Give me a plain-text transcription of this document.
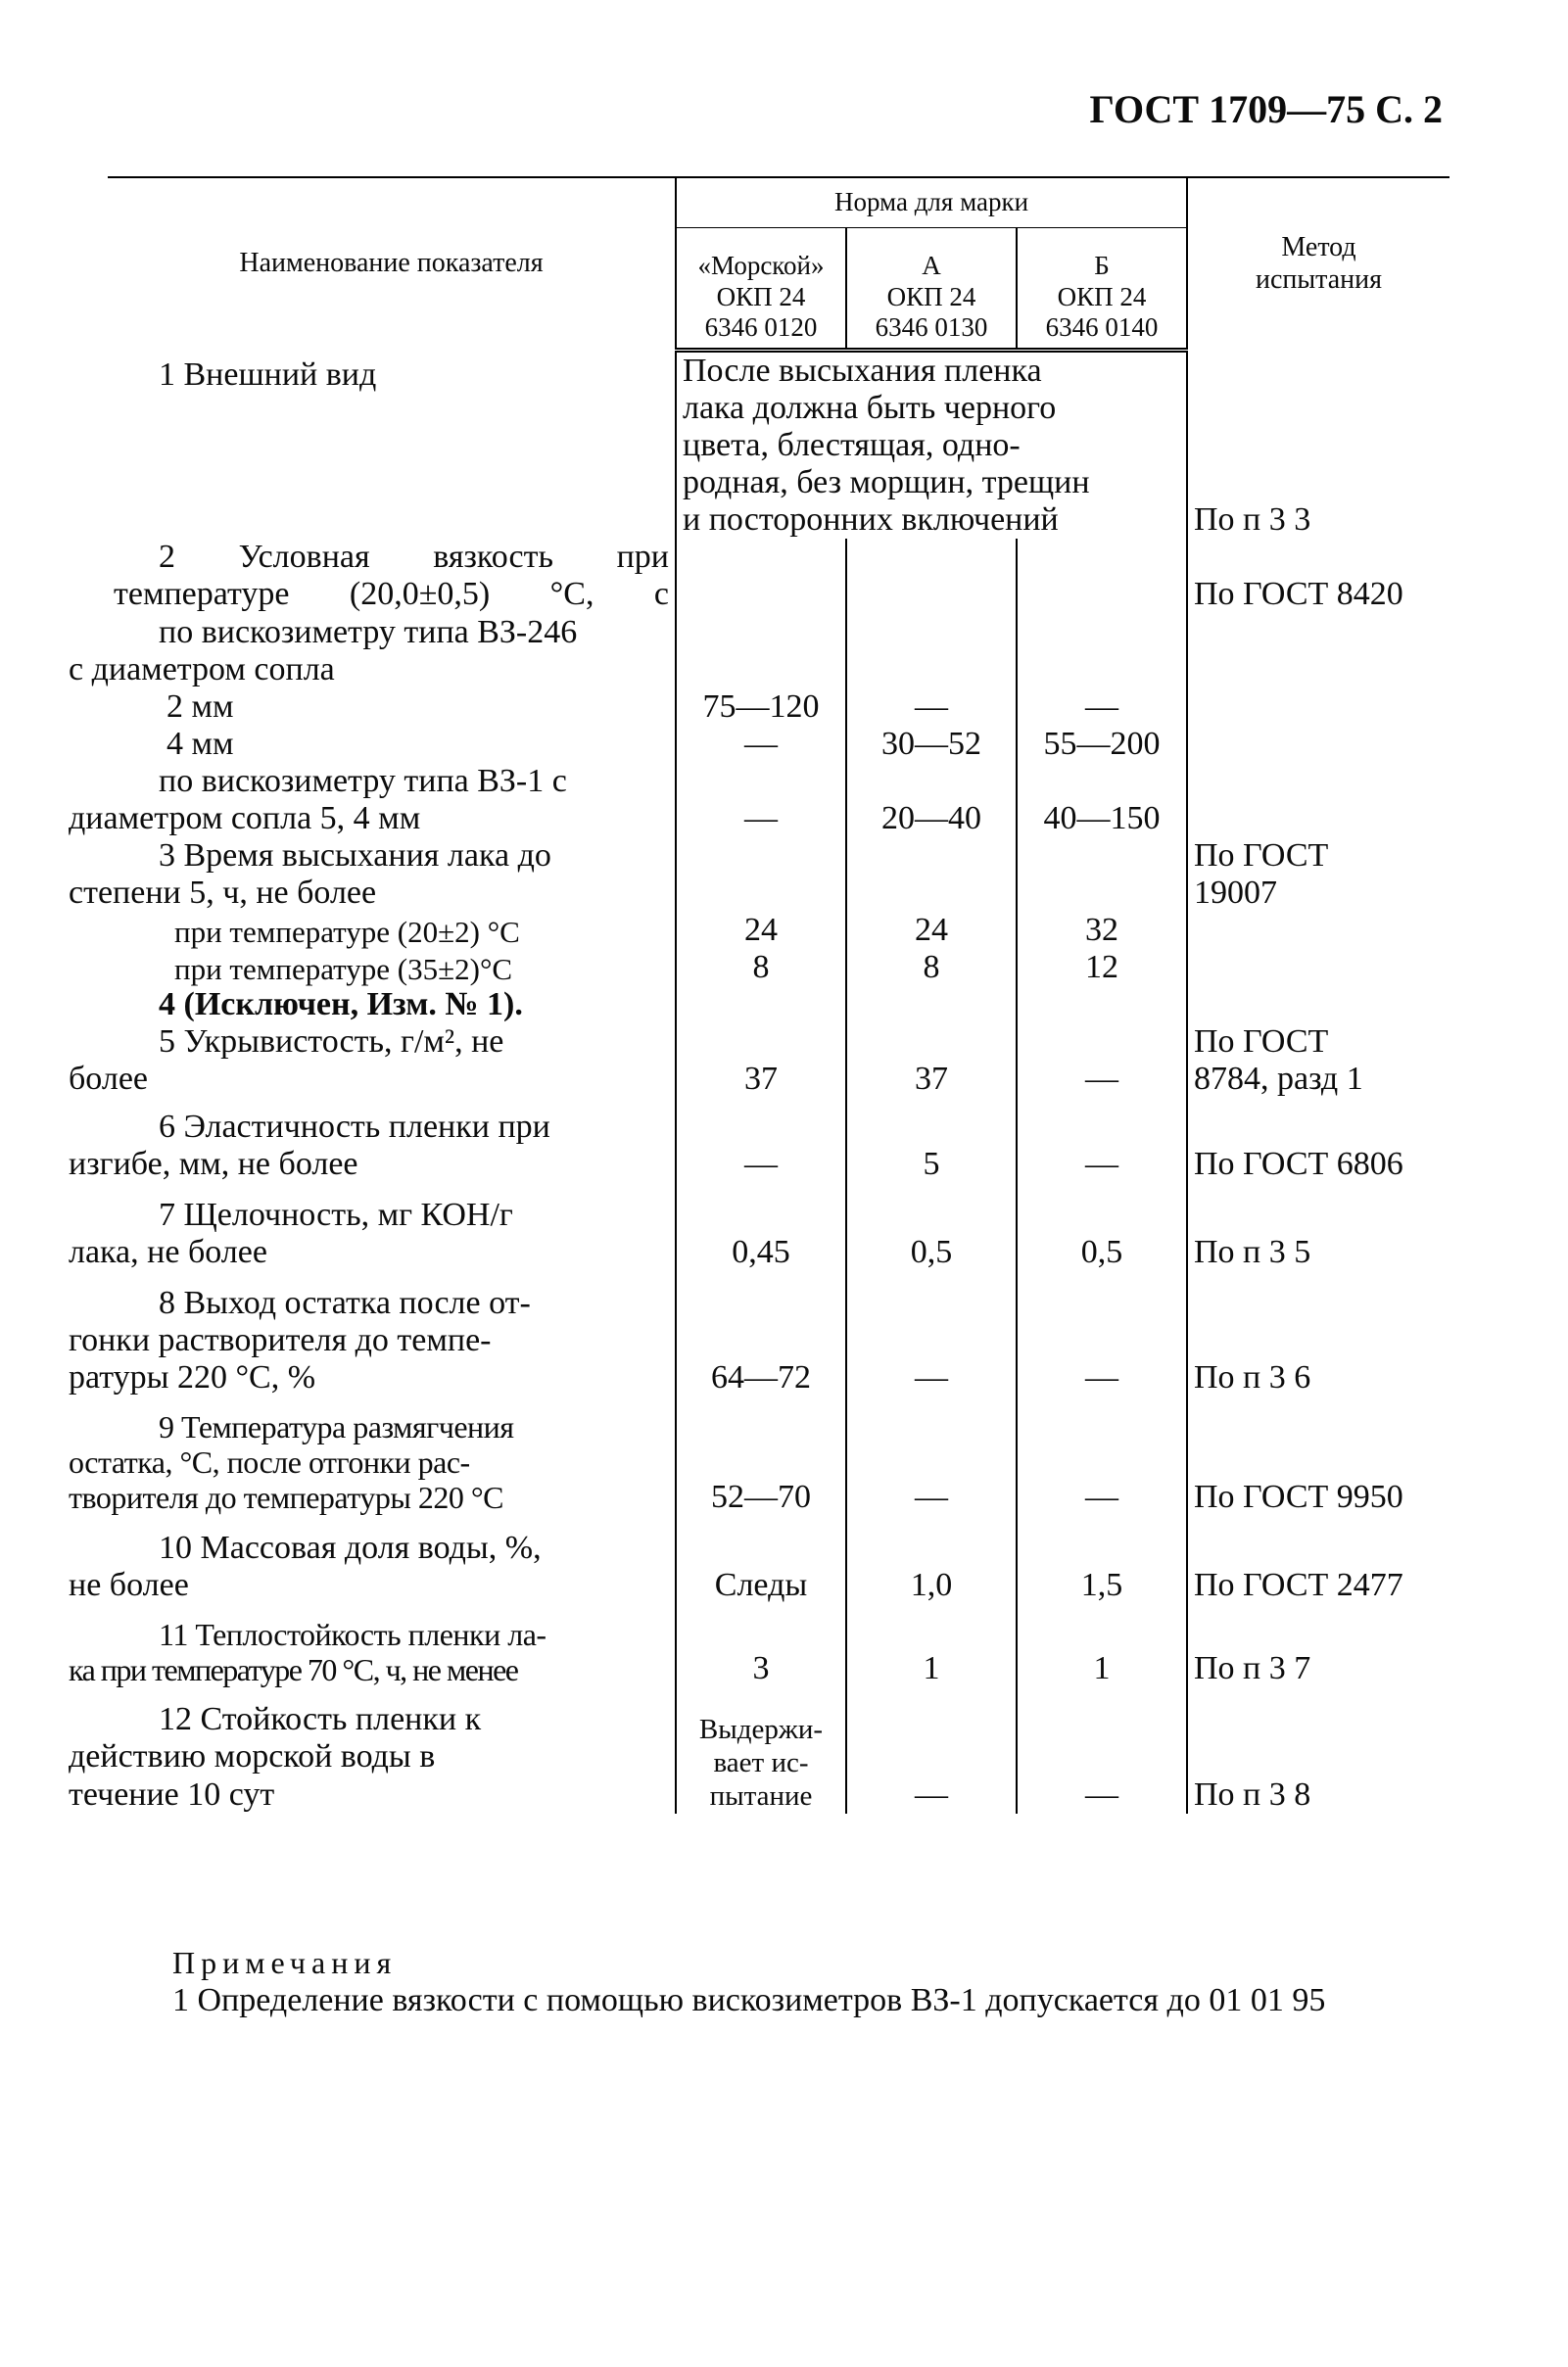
ГОСТ 1709—75 С. 2
Наименование показателя	Норма для марки			Метод
испытания
	«Морской»
ОКП 24
6346 0120	А
ОКП 24
6346 0130	Б
ОКП 24
6346 0140	
1 Внешний вид	После высыхания пленка
лака должна быть черного
цвета, блестящая, одно-
родная, без морщин, трещин
и посторонних включений			По п 3 3
2 Условная вязкость при
температуре (20,0±0,5) °С, с				По ГОСТ 8420
по вискозиметру типа ВЗ-246
с диаметром сопла				
2 мм	75—120	—	—	
4 мм	—	30—52	55—200	
по вискозиметру типа ВЗ-1 с
диаметром сопла 5, 4 мм	—	20—40	40—150	
3 Время высыхания лака до
степени 5, ч, не более				По ГОСТ
19007
при температуре (20±2) °С	24	24	32	
при температуре (35±2)°С	8	8	12	
4 (Исключен, Изм. № 1).				
5 Укрывистость, г/м², не
более	37	37	—	По ГОСТ
8784, разд 1
6 Эластичность пленки при
изгибе, мм, не более	—	5	—	По ГОСТ 6806
7 Щелочность, мг КОН/г
лака, не более	0,45	0,5	0,5	По п 3 5
8 Выход остатка после от-
гонки растворителя до темпе-
ратуры 220 °С, %	64—72	—	—	По п 3 6
9 Температура размягчения
остатка, °С, после отгонки рас-
творителя до температуры 220 °С	52—70	—	—	По ГОСТ 9950
10 Массовая доля воды, %,
не более	Следы	1,0	1,5	По ГОСТ 2477
11 Теплостойкость пленки ла-
ка при температуре 70 °С, ч, не менее	3	1	1	По п 3 7
12 Стойкость пленки к
действию морской воды в
течение 10 сут	Выдержи-
вает ис-
пытание	—	—	По п 3 8
Примечания
1 Определение вязкости с помощью вискозиметров ВЗ-1 допускается до 01 01 95
